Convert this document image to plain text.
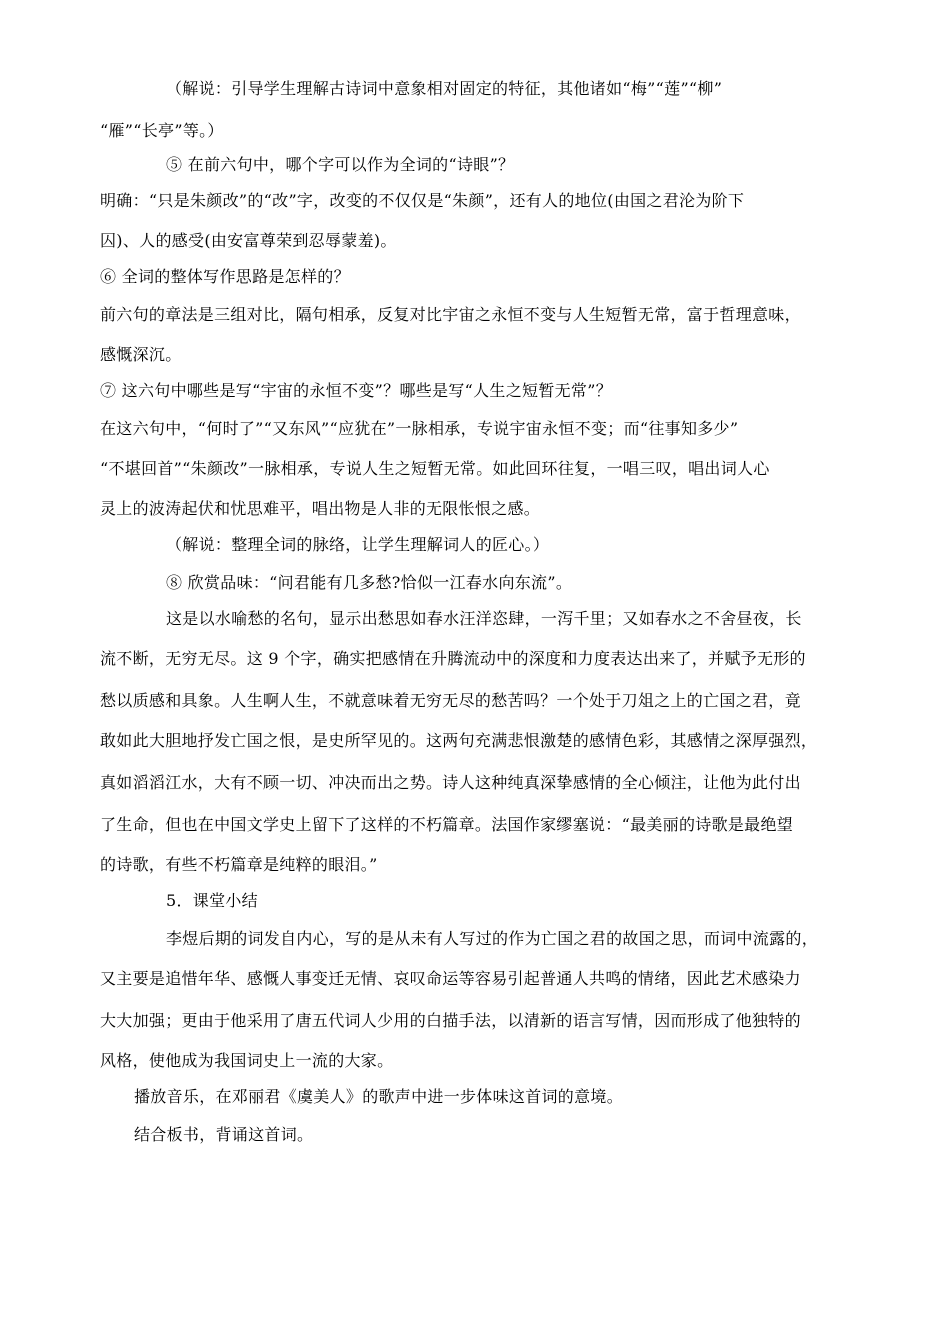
（解说：引导学生理解古诗词中意象相对固定的特征，其他诸如“梅”“莲”“柳”
“雁”“长亭”等。）
⑤ 在前六句中，哪个字可以作为全词的“诗眼”？
明确：“只是朱颜改”的“改”字，改变的不仅仅是“朱颜”，还有人的地位(由国之君沦为阶下
囚)、人的感受(由安富尊荣到忍辱蒙羞)。
⑥ 全词的整体写作思路是怎样的？
前六句的章法是三组对比，隔句相承，反复对比宇宙之永恒不变与人生短暂无常，富于哲理意味，
感慨深沉。
⑦ 这六句中哪些是写“宇宙的永恒不变”？哪些是写“人生之短暂无常”？
在这六句中，“何时了”“又东风”“应犹在”一脉相承，专说宇宙永恒不变；而“往事知多少”
“不堪回首”“朱颜改”一脉相承，专说人生之短暂无常。如此回环往复，一唱三叹，唱出词人心
灵上的波涛起伏和忧思难平，唱出物是人非的无限怅恨之感。
（解说：整理全词的脉络，让学生理解词人的匠心。）
⑧ 欣赏品味：“问君能有几多愁?恰似一江春水向东流”。
这是以水喻愁的名句，显示出愁思如春水汪洋恣肆，一泻千里；又如春水之不舍昼夜，长
流不断，无穷无尽。这 9 个字，确实把感情在升腾流动中的深度和力度表达出来了，并赋予无形的
愁以质感和具象。人生啊人生，不就意味着无穷无尽的愁苦吗？一个处于刀俎之上的亡国之君，竟
敢如此大胆地抒发亡国之恨，是史所罕见的。这两句充满悲恨激楚的感情色彩，其感情之深厚强烈，
真如滔滔江水，大有不顾一切、冲决而出之势。诗人这种纯真深挚感情的全心倾注，让他为此付出
了生命，但也在中国文学史上留下了这样的不朽篇章。法国作家缪塞说：“最美丽的诗歌是最绝望
的诗歌，有些不朽篇章是纯粹的眼泪。”
5．课堂小结
李煜后期的词发自内心，写的是从未有人写过的作为亡国之君的故国之思，而词中流露的，
又主要是追惜年华、感慨人事变迁无情、哀叹命运等容易引起普通人共鸣的情绪，因此艺术感染力
大大加强；更由于他采用了唐五代词人少用的白描手法，以清新的语言写情，因而形成了他独特的
风格，使他成为我国词史上一流的大家。
播放音乐，在邓丽君《虞美人》的歌声中进一步体味这首词的意境。
结合板书，背诵这首词。
